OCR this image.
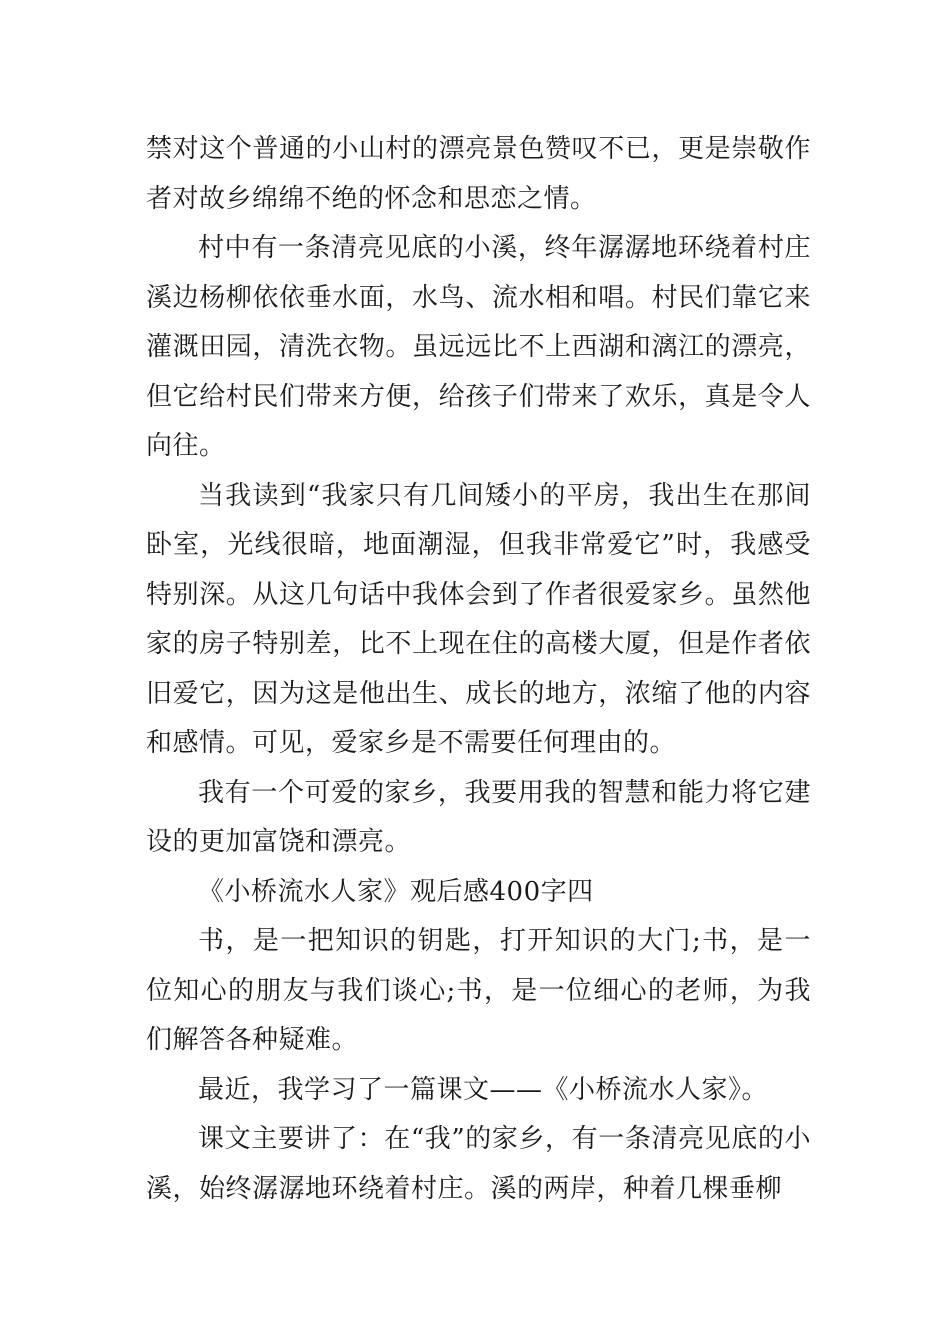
禁对这个普通的小山村的漂亮景色赞叹不已，更是崇敬作者对故乡绵绵不绝的怀念和思恋之情。

村中有一条清亮见底的小溪，终年潺潺地环绕着村庄溪边杨柳依依垂水面，水鸟、流水相和唱。村民们靠它来灌溉田园，清洗衣物。虽远远比不上西湖和漓江的漂亮，但它给村民们带来方便，给孩子们带来了欢乐，真是令人向往。

当我读到“我家只有几间矮小的平房，我出生在那间卧室，光线很暗，地面潮湿，但我非常爱它”时，我感受特别深。从这几句话中我体会到了作者很爱家乡。虽然他家的房子特别差，比不上现在住的高楼大厦，但是作者依旧爱它，因为这是他出生、成长的地方，浓缩了他的内容和感情。可见，爱家乡是不需要任何理由的。

我有一个可爱的家乡，我要用我的智慧和能力将它建设的更加富饶和漂亮。

《小桥流水人家》观后感400字四

书，是一把知识的钥匙，打开知识的大门;书，是一位知心的朋友与我们谈心;书，是一位细心的老师，为我们解答各种疑难。

最近，我学习了一篇课文——《小桥流水人家》。

课文主要讲了：在“我”的家乡，有一条清亮见底的小溪，始终潺潺地环绕着村庄。溪的两岸，种着几棵垂柳
